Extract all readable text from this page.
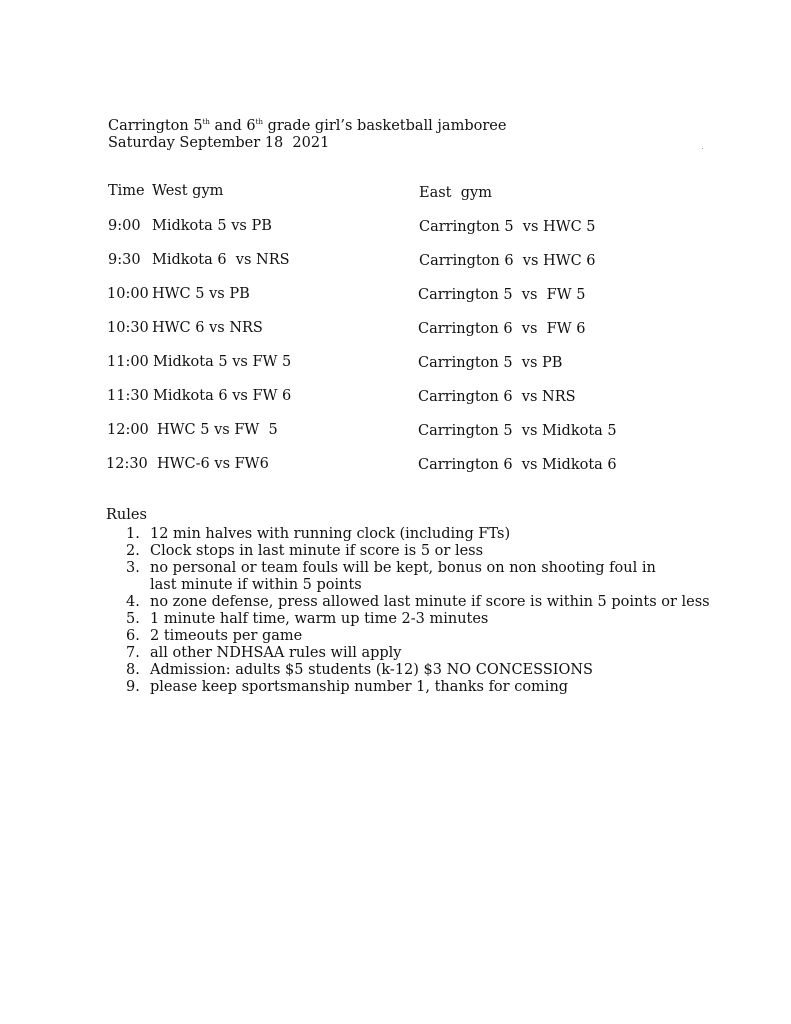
Carrington 5th and 6th grade girl’s basketball jamboree
Saturday September 18  2021
Time West gym	East  gym
9:00 Midkota 5 vs PB	Carrington 5  vs HWC 5
9:30 Midkota 6  vs NRS	Carrington 6  vs HWC 6
10:00 HWC 5 vs PB	Carrington 5  vs  FW 5
10:30 HWC 6 vs NRS	Carrington 6  vs  FW 6
11:00 Midkota 5 vs FW 5	Carrington 5  vs PB
11:30 Midkota 6 vs FW 6	Carrington 6  vs NRS
12:00 HWC 5 vs FW  5	Carrington 5  vs Midkota 5
12:30 HWC-6 vs FW6	Carrington 6  vs Midkota 6
Rules
1. 12 min halves with running clock (including FTs)
2. Clock stops in last minute if score is 5 or less
3. no personal or team fouls will be kept, bonus on non shooting foul in last minute if within 5 points
4. no zone defense, press allowed last minute if score is within 5 points or less
5. 1 minute half time, warm up time 2-3 minutes
6. 2 timeouts per game
7. all other NDHSAA rules will apply
8. Admission: adults $5 students (k-12) $3 NO CONCESSIONS
9. please keep sportsmanship number 1, thanks for coming
